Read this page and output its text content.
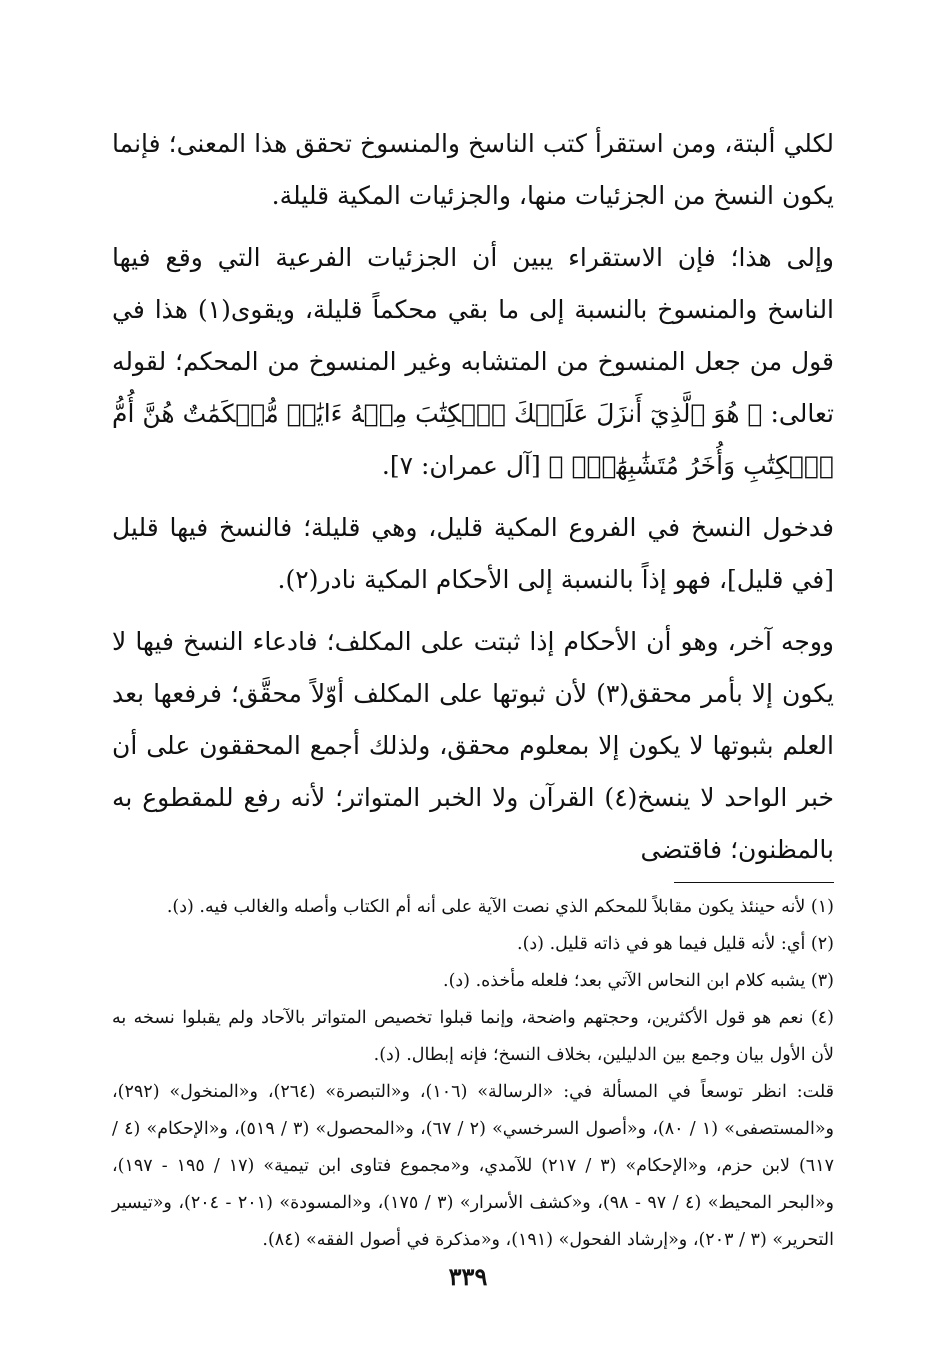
لكلي ألبتة، ومن استقرأ كتب الناسخ والمنسوخ تحقق هذا المعنى؛ فإنما يكون النسخ من الجزئيات منها، والجزئيات المكية قليلة.

وإلى هذا؛ فإن الاستقراء يبين أن الجزئيات الفرعية التي وقع فيها الناسخ والمنسوخ بالنسبة إلى ما بقي محكماً قليلة، ويقوى(١) هذا في قول من جعل المنسوخ من المتشابه وغير المنسوخ من المحكم؛ لقوله تعالى: ﴿ هُوَ ٱلَّذِيٓ أَنزَلَ عَلَيۡكَ ٱلۡكِتَٰبَ مِنۡهُ ءَايَٰتٞ مُّحۡكَمَٰتٌ هُنَّ أُمُّ ٱلۡكِتَٰبِ وَأُخَرُ مُتَشَٰبِهَٰتٞۖ ﴾ [آل عمران: ٧].

فدخول النسخ في الفروع المكية قليل، وهي قليلة؛ فالنسخ فيها قليل [في قليل]، فهو إذاً بالنسبة إلى الأحكام المكية نادر(٢).

ووجه آخر، وهو أن الأحكام إذا ثبتت على المكلف؛ فادعاء النسخ فيها لا يكون إلا بأمر محقق(٣) لأن ثبوتها على المكلف أوّلاً محقَّق؛ فرفعها بعد العلم بثبوتها لا يكون إلا بمعلوم محقق، ولذلك أجمع المحققون على أن خبر الواحد لا ينسخ(٤) القرآن ولا الخبر المتواتر؛ لأنه رفع للمقطوع به بالمظنون؛ فاقتضى

(١) لأنه حينئذ يكون مقابلاً للمحكم الذي نصت الآية على أنه أم الكتاب وأصله والغالب فيه. (د).

(٢) أي: لأنه قليل فيما هو في ذاته قليل. (د).

(٣) يشبه كلام ابن النحاس الآتي بعد؛ فلعله مأخذه. (د).

(٤) نعم هو قول الأكثرين، وحجتهم واضحة، وإنما قبلوا تخصيص المتواتر بالآحاد ولم يقبلوا نسخه به لأن الأول بيان وجمع بين الدليلين، بخلاف النسخ؛ فإنه إبطال. (د).

قلت: انظر توسعاً في المسألة في: «الرسالة» (١٠٦)، و«التبصرة» (٢٦٤)، و«المنخول» (٢٩٢)، و«المستصفى» (١ / ٨٠)، و«أصول السرخسي» (٢ / ٦٧)، و«المحصول» (٣ / ٥١٩)، و«الإحكام» (٤ / ٦١٧) لابن حزم، و«الإحكام» (٣ / ٢١٧) للآمدي، و«مجموع فتاوى ابن تيمية» (١٧ / ١٩٥ - ١٩٧)، و«البحر المحيط» (٤ / ٩٧ - ٩٨)، و«كشف الأسرار» (٣ / ١٧٥)، و«المسودة» (٢٠١ - ٢٠٤)، و«تيسير التحرير» (٣ / ٢٠٣)، و«إرشاد الفحول» (١٩١)، و«مذكرة في أصول الفقه» (٨٤).

٣٣٩
